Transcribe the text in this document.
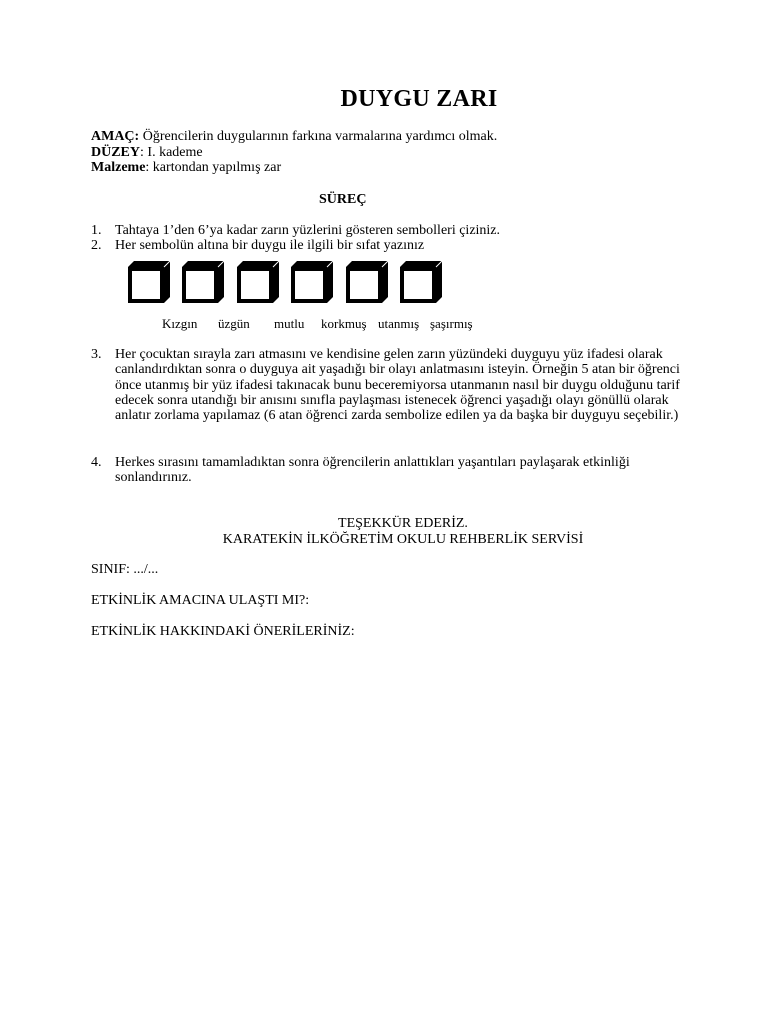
DUYGU ZARI
AMAÇ: Öğrencilerin duygularının farkına varmalarına yardımcı olmak.
DÜZEY: I. kademe
Malzeme: kartondan yapılmış zar
SÜREÇ
1. Tahtaya 1’den 6’ya kadar zarın yüzlerini gösteren sembolleri çiziniz.
2. Her sembolün altına bir duygu ile ilgili bir sıfat yazınız
Kızgın üzgün mutlu korkmuş utanmış şaşırmış
3. Her çocuktan sırayla zarı atmasını ve kendisine gelen zarın yüzündeki duyguyu yüz ifadesi olarak canlandırdıktan sonra o duyguya ait yaşadığı bir olayı anlatmasını isteyin. Örneğin 5 atan bir öğrenci önce utanmış bir yüz ifadesi takınacak bunu beceremiyorsa utanmanın nasıl bir duygu olduğunu tarif edecek sonra utandığı bir anısını sınıfla paylaşması istenecek öğrenci yaşadığı olayı gönüllü olarak anlatır zorlama yapılamaz (6 atan öğrenci zarda sembolize edilen ya da başka bir duyguyu seçebilir.)
4. Herkes sırasını tamamladıktan sonra öğrencilerin anlattıkları yaşantıları paylaşarak etkinliği sonlandırınız.
TEŞEKKÜR EDERİZ.
KARATEKİN İLKÖĞRETİM OKULU REHBERLİK SERVİSİ
SINIF: .../...
ETKİNLİK AMACINA ULAŞTI MI?:
ETKİNLİK HAKKINDAKİ ÖNERİLERİNİZ:
